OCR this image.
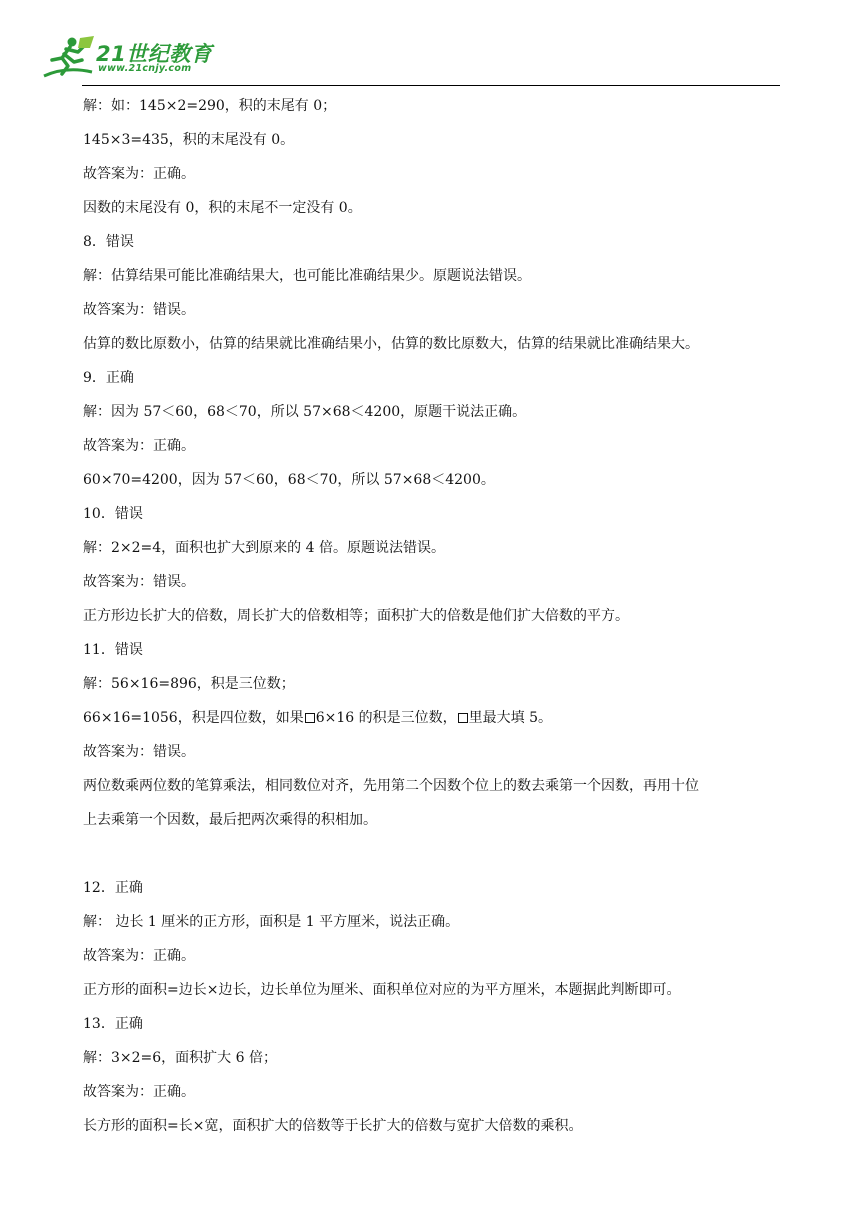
21世纪教育
www.21cnjy.com
解：如：145×2=290，积的末尾有 0；
145×3=435，积的末尾没有 0。
故答案为：正确。
因数的末尾没有 0，积的末尾不一定没有 0。
8．错误
解：估算结果可能比准确结果大，也可能比准确结果少。原题说法错误。
故答案为：错误。
估算的数比原数小，估算的结果就比准确结果小，估算的数比原数大，估算的结果就比准确结果大。
9．正确
解：因为 57＜60，68＜70，所以 57×68＜4200，原题干说法正确。
故答案为：正确。
60×70=4200，因为 57＜60，68＜70，所以 57×68＜4200。
10．错误
解：2×2=4，面积也扩大到原来的 4 倍。原题说法错误。
故答案为：错误。
正方形边长扩大的倍数，周长扩大的倍数相等；面积扩大的倍数是他们扩大倍数的平方。
11．错误
解：56×16=896，积是三位数；
66×16=1056，积是四位数，如果 6×16 的积是三位数， 里最大填 5。
故答案为：错误。
两位数乘两位数的笔算乘法，相同数位对齐，先用第二个因数个位上的数去乘第一个因数，再用十位
上去乘第一个因数，最后把两次乘得的积相加。
12．正确
解： 边长 1 厘米的正方形，面积是 1 平方厘米，说法正确。
故答案为：正确。
正方形的面积=边长×边长，边长单位为厘米、面积单位对应的为平方厘米，本题据此判断即可。
13．正确
解：3×2=6，面积扩大 6 倍；
故答案为：正确。
长方形的面积=长×宽，面积扩大的倍数等于长扩大的倍数与宽扩大倍数的乘积。
